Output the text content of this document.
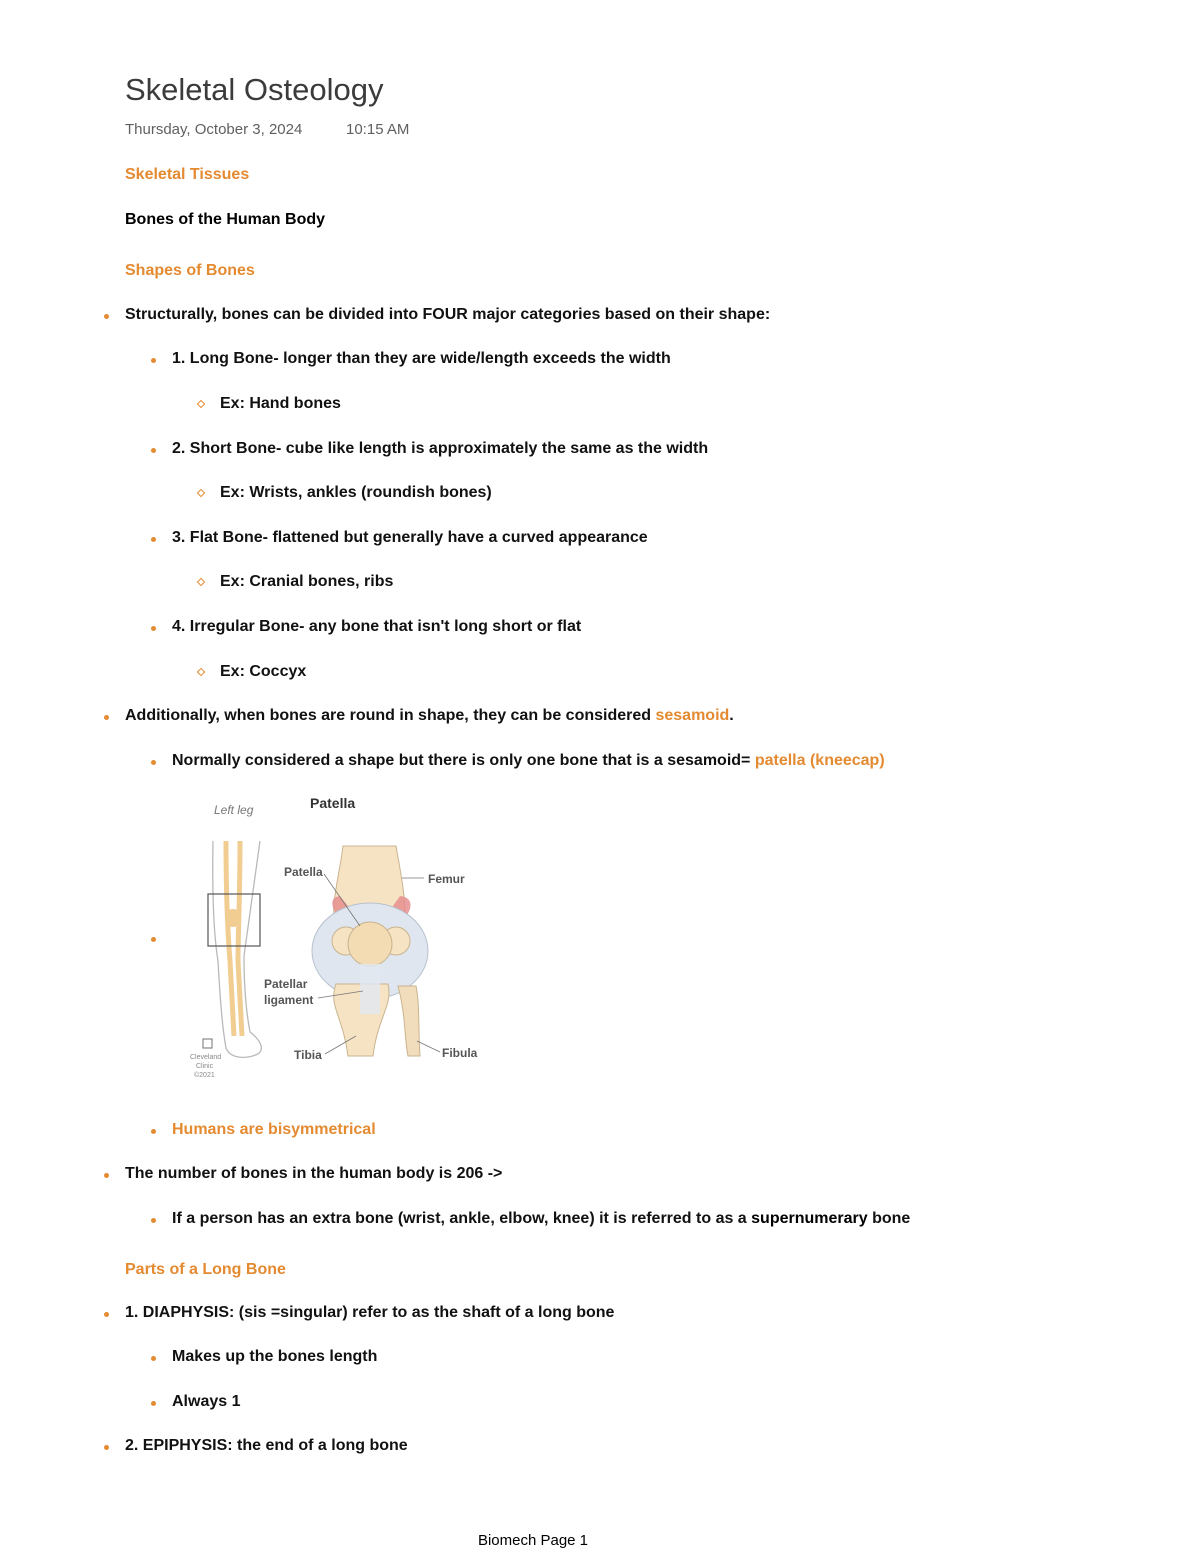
Skeletal Osteology
Thursday, October 3, 2024	10:15 AM
Skeletal Tissues
Bones of the Human Body
Shapes of Bones
Structurally, bones can be divided into FOUR major categories based on their shape:
1. Long Bone- longer than they are wide/length exceeds the width
Ex: Hand bones
2. Short Bone- cube like length is approximately the same as the width
Ex: Wrists, ankles (roundish bones)
3. Flat Bone- flattened but generally have a curved appearance
Ex: Cranial bones, ribs
4. Irregular Bone- any bone that isn't long short or flat
Ex: Coccyx
Additionally, when bones are round in shape, they can be considered sesamoid.
Normally considered a shape but there is only one bone that is a sesamoid= patella (kneecap)
Left leg	Patella
Patella	Femur
Patellar
ligament
Tibia	Fibula
Cleveland
Clinic
©2021
Humans are bisymmetrical
The number of bones in the human body is 206 ->
If a person has an extra bone (wrist, ankle, elbow, knee) it is referred to as a supernumerary bone
Parts of a Long Bone
1. DIAPHYSIS: (sis =singular) refer to as the shaft of a long bone
Makes up the bones length
Always 1
2. EPIPHYSIS: the end of a long bone
Biomech Page 1
